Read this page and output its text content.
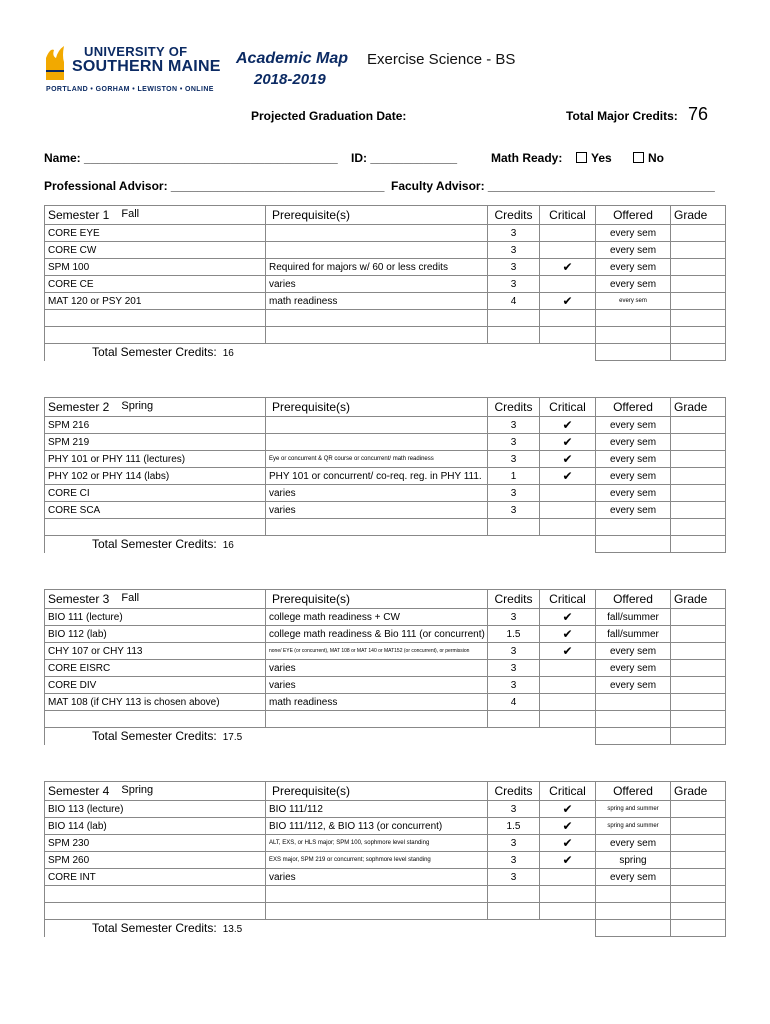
UNIVERSITY OF
SOUTHERN MAINE
PORTLAND • GORHAM • LEWISTON • ONLINE
Academic Map Exercise Science - BS
2018-2019
Projected Graduation Date:	Total Major Credits: 76
Name: ______________________________________ ID: _____________	Math Ready:	Yes	No
Professional Advisor: ________________________________ Faculty Advisor: __________________________________
Semester 1 Fall	Prerequisite(s)	Credits	Critical	Offered	Grade
CORE EYE		3		every sem	
CORE CW		3		every sem	
SPM 100	Required for majors w/ 60 or less credits	3	✔	every sem	
CORE CE	varies	3		every sem	
MAT 120 or PSY 201	math readiness	4	✔	every sem	

Total Semester Credits: 16					
Semester 2 Spring	Prerequisite(s)	Credits	Critical	Offered	Grade
SPM 216		3	✔	every sem	
SPM 219		3	✔	every sem	
PHY 101 or PHY 111 (lectures)	Eye or concurrent & QR course or concurrent/ math readiness	3	✔	every sem	
PHY 102 or PHY 114 (labs)	PHY 101 or concurrent/ co-req. reg. in PHY 111.	1	✔	every sem	
CORE CI	varies	3		every sem	
CORE SCA	varies	3		every sem	

Total Semester Credits: 16					
Semester 3 Fall	Prerequisite(s)	Credits	Critical	Offered	Grade
BIO 111 (lecture)	college math readiness + CW	3	✔	fall/summer	
BIO 112 (lab)	college math readiness & Bio 111 (or concurrent)	1.5	✔	fall/summer	
CHY 107 or CHY 113	none/ EYE (or concurrent), MAT 108 or MAT 140 or MAT152 (or concurrent), or permission	3	✔	every sem	
CORE EISRC	varies	3		every sem	
CORE DIV	varies	3		every sem	
MAT 108 (if CHY 113 is chosen above)	math readiness	4			

Total Semester Credits: 17.5					
Semester 4 Spring	Prerequisite(s)	Credits	Critical	Offered	Grade
BIO 113 (lecture)	BIO 111/112	3	✔	spring and summer	
BIO 114 (lab)	BIO 111/112, & BIO 113 (or concurrent)	1.5	✔	spring and summer	
SPM 230	ALT, EXS, or HLS major; SPM 100, sophmore level standing	3	✔	every sem	
SPM 260	EXS major, SPM 219 or concurrent; sophmore level standing	3	✔	spring	
CORE INT	varies	3		every sem	

Total Semester Credits: 13.5					
